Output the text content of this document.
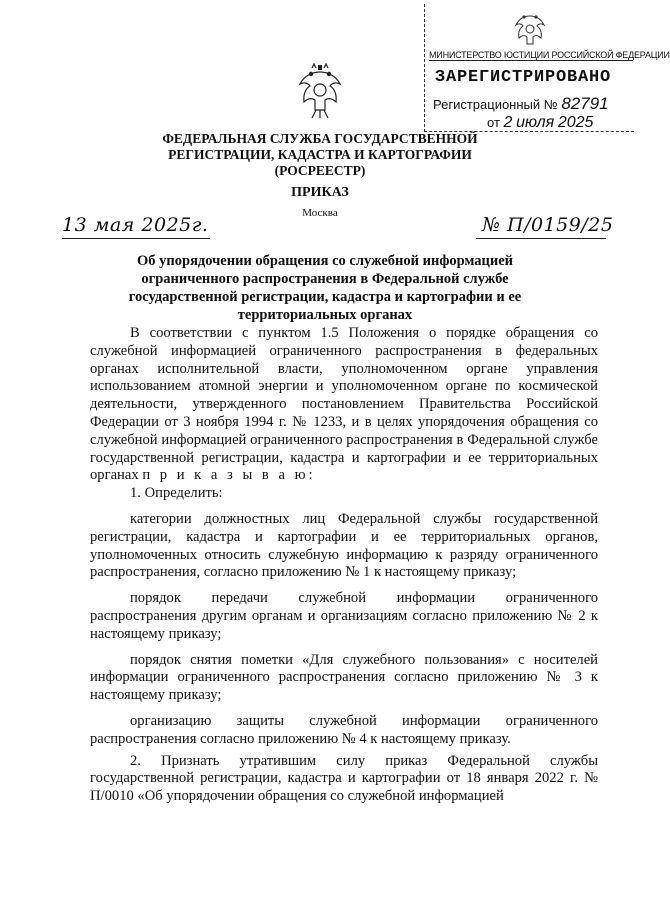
МИНИСТЕРСТВО ЮСТИЦИИ РОССИЙСКОЙ ФЕДЕРАЦИИ
ЗАРЕГИСТРИРОВАНО
Регистрационный № 82791
от 2 июля 2025
ФЕДЕРАЛЬНАЯ СЛУЖБА ГОСУДАРСТВЕННОЙ
РЕГИСТРАЦИИ, КАДАСТРА И КАРТОГРАФИИ
(РОСРЕЕСТР)
ПРИКАЗ
Москва
13 мая 2025г.	№ П/0159/25
Об упорядочении обращения со служебной информацией ограниченного распространения в Федеральной службе государственной регистрации, кадастра и картографии и ее территориальных органах

В соответствии с пунктом 1.5 Положения о порядке обращения со служебной информацией ограниченного распространения в федеральных органах исполнительной власти, уполномоченном органе управления использованием атомной энергии и уполномоченном органе по космической деятельности, утвержденного постановлением Правительства Российской Федерации от 3 ноября 1994 г. № 1233, и в целях упорядочения обращения со служебной информацией ограниченного распространения в Федеральной службе государственной регистрации, кадастра и картографии и ее территориальных органах п р и к а з ы в а ю:

1. Определить:

категории должностных лиц Федеральной службы государственной регистрации, кадастра и картографии и ее территориальных органов, уполномоченных относить служебную информацию к разряду ограниченного распространения, согласно приложению № 1 к настоящему приказу;

порядок передачи служебной информации ограниченного распространения другим органам и организациям согласно приложению № 2 к настоящему приказу;

порядок снятия пометки «Для служебного пользования» с носителей информации ограниченного распространения согласно приложению № 3 к настоящему приказу;

организацию защиты служебной информации ограниченного распространения согласно приложению № 4 к настоящему приказу.

2. Признать утратившим силу приказ Федеральной службы государственной регистрации, кадастра и картографии от 18 января 2022 г. № П/0010 «Об упорядочении обращения со служебной информацией
